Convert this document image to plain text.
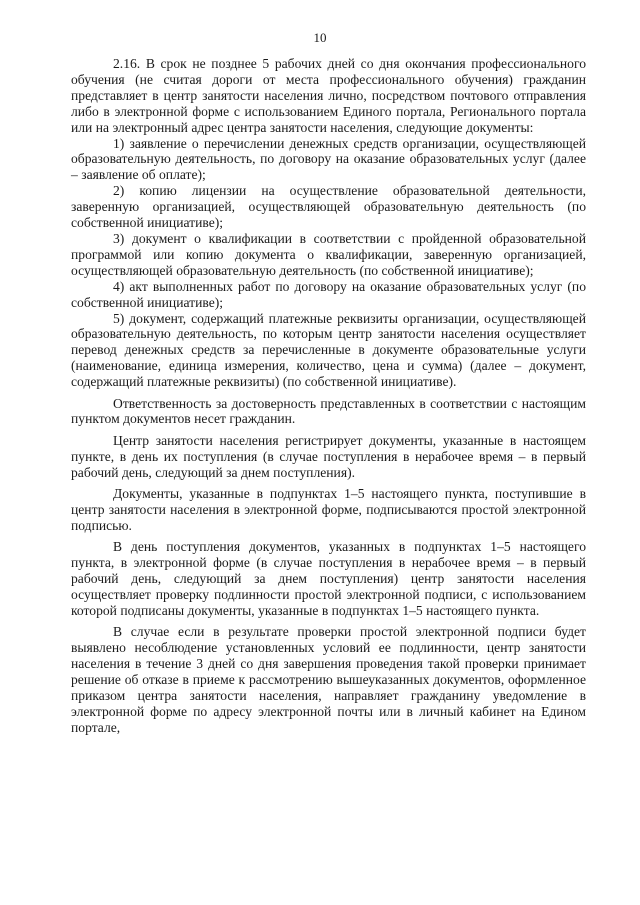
10

2.16. В срок не позднее 5 рабочих дней со дня окончания профессионального обучения (не считая дороги от места профессионального обучения) гражданин представляет в центр занятости населения лично, посредством почтового отправления либо в электронной форме с использованием Единого портала, Регионального портала или на электронный адрес центра занятости населения, следующие документы:

1) заявление о перечислении денежных средств организации, осуществляющей образовательную деятельность, по договору на оказание образовательных услуг (далее – заявление об оплате);

2) копию лицензии на осуществление образовательной деятельности, заверенную организацией, осуществляющей образовательную деятельность (по собственной инициативе);

3) документ о квалификации в соответствии с пройденной образовательной программой или копию документа о квалификации, заверенную организацией, осуществляющей образовательную деятельность (по собственной инициативе);

4) акт выполненных работ по договору на оказание образовательных услуг (по собственной инициативе);

5) документ, содержащий платежные реквизиты организации, осуществляющей образовательную деятельность, по которым центр занятости населения осуществляет перевод денежных средств за перечисленные в документе образовательные услуги (наименование, единица измерения, количество, цена и сумма) (далее – документ, содержащий платежные реквизиты) (по собственной инициативе).

Ответственность за достоверность представленных в соответствии с настоящим пунктом документов несет гражданин.

Центр занятости населения регистрирует документы, указанные в настоящем пункте, в день их поступления (в случае поступления в нерабочее время – в первый рабочий день, следующий за днем поступления).

Документы, указанные в подпунктах 1–5 настоящего пункта, поступившие в центр занятости населения в электронной форме, подписываются простой электронной подписью.

В день поступления документов, указанных в подпунктах 1–5 настоящего пункта, в электронной форме (в случае поступления в нерабочее время – в первый рабочий день, следующий за днем поступления) центр занятости населения осуществляет проверку подлинности простой электронной подписи, с использованием которой подписаны документы, указанные в подпунктах 1–5 настоящего пункта.

В случае если в результате проверки простой электронной подписи будет выявлено несоблюдение установленных условий ее подлинности, центр занятости населения в течение 3 дней со дня завершения проведения такой проверки принимает решение об отказе в приеме к рассмотрению вышеуказанных документов, оформленное приказом центра занятости населения, направляет гражданину уведомление в электронной форме по адресу электронной почты или в личный кабинет на Едином портале,
